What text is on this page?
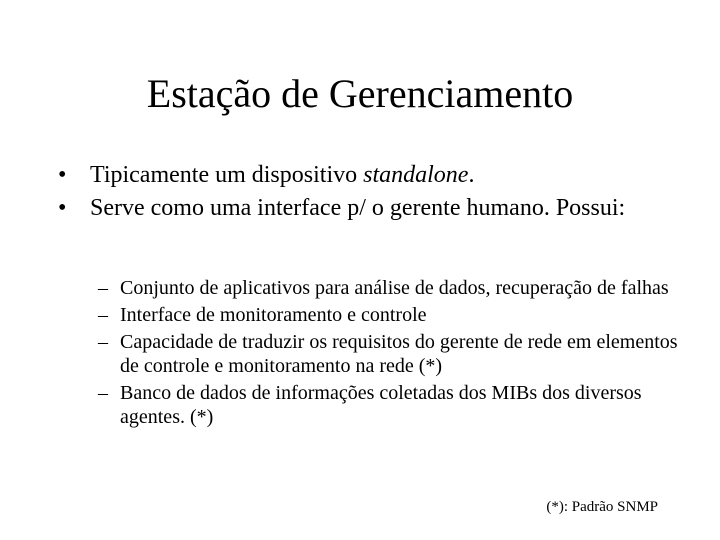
Estação de Gerenciamento
• Tipicamente um dispositivo standalone.
• Serve como uma interface p/ o gerente humano. Possui:
– Conjunto de aplicativos para análise de dados, recuperação de falhas
– Interface de monitoramento e controle
– Capacidade de traduzir os requisitos do gerente de rede em elementos de controle e monitoramento na rede (*)
– Banco de dados de informações coletadas dos MIBs dos diversos agentes. (*)
(*): Padrão SNMP
